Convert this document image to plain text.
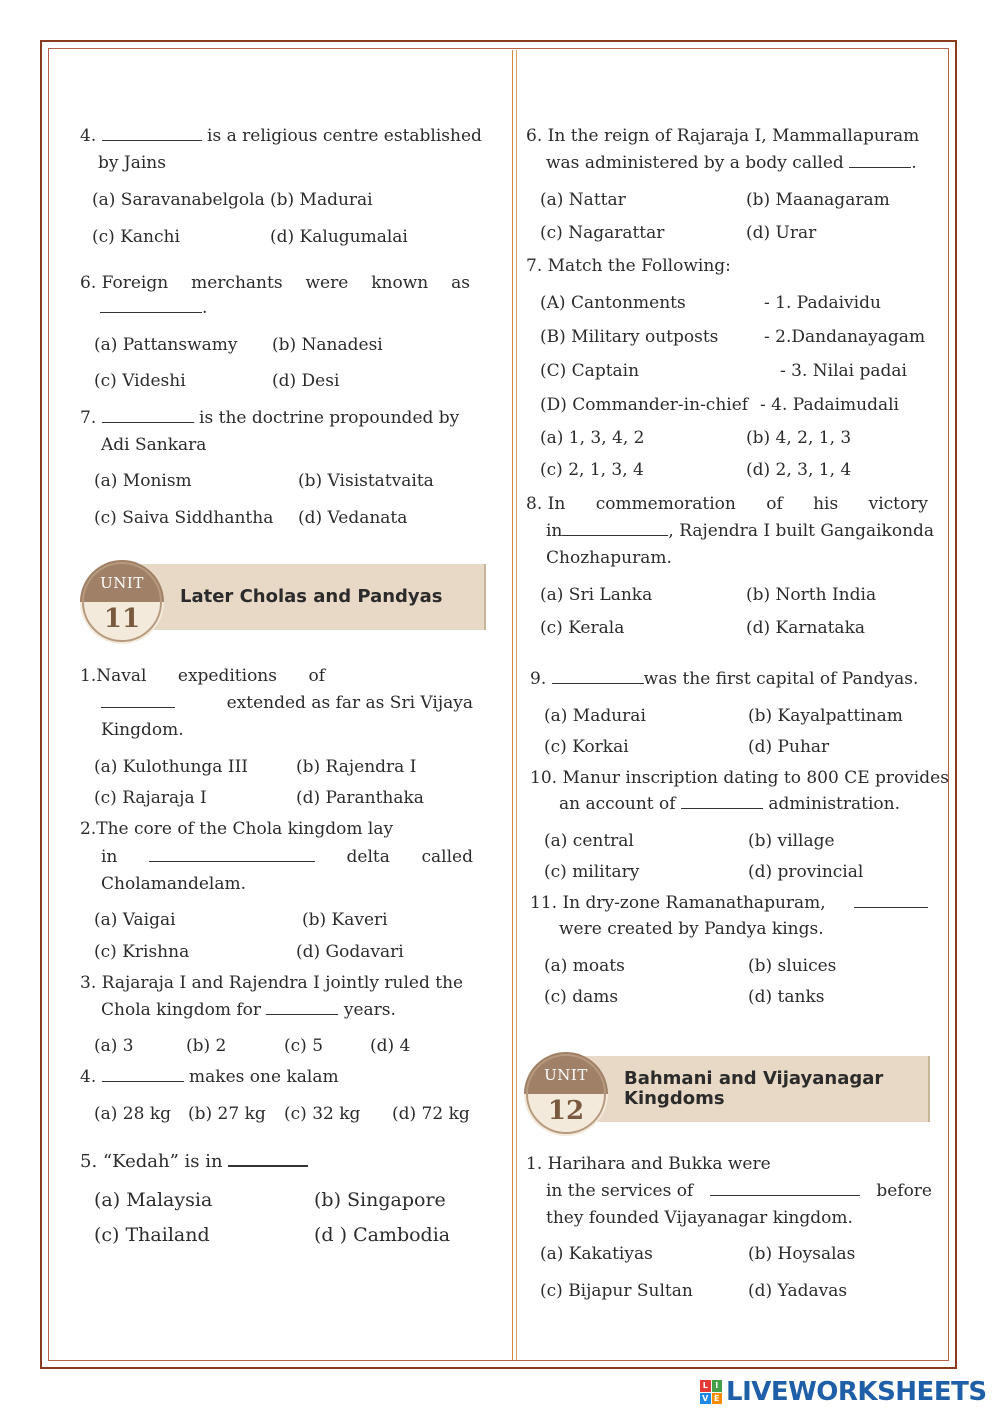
4.	is a religious centre established
by Jains
(a) Saravanabelgola (b) Madurai
(c) Kanchi	(d) Kalugumalai
6. Foreign merchants were known as
.
(a) Pattanswamy (b) Nanadesi
(c) Videshi	(d) Desi
7.	is the doctrine propounded by
Adi Sankara
(a) Monism	(b) Visistatvaita
(c) Saiva Siddhantha (d) Vedanata
UNIT
11
Later Cholas and Pandyas ⋮
1.Naval expeditions of
extended as far as Sri Vijaya
Kingdom.
(a) Kulothunga III	(b) Rajendra I
(c) Rajaraja I	(d) Paranthaka
2. The core of the Chola kingdom lay
in	delta called
Cholamandelam.
(a) Vaigai	(b) Kaveri
(c) Krishna	(d) Godavari
3. Rajaraja I and Rajendra I jointly ruled the
Chola kingdom for	years.
(a) 3	(b) 2	(c) 5	(d) 4
4.	makes one kalam
(a) 28 kg (b) 27 kg (c) 32 kg (d) 72 kg
5. “Kedah” is in
(a) Malaysia	(b) Singapore
(c) Thailand	(d ) Cambodia
6. In the reign of Rajaraja I, Mammallapuram
was administered by a body called	.
(a) Nattar	(b) Maanagaram
(c) Nagarattar	(d) Urar
7. Match the Following:
(A) Cantonments	- 1. Padaividu
(B) Military outposts	- 2.Dandanayagam
(C) Captain	- 3. Nilai padai
(D) Commander-in-chief - 4. Padaimudali
(a) 1, 3, 4, 2	(b) 4, 2, 1, 3
(c) 2, 1, 3, 4	(d) 2, 3, 1, 4
8. In commemoration of his victory
in	, Rajendra I built Gangaikonda
Chozhapuram.
(a) Sri Lanka	(b) North India
(c) Kerala	(d) Karnataka
9.	was the first capital of Pandyas.
(a) Madurai	(b) Kayalpattinam
(c) Korkai	(d) Puhar
10. Manur inscription dating to 800 CE provides
an account of	administration.
(a) central	(b) village
(c) military	(d) provincial
11. In dry-zone Ramanathapuram,
were created by Pandya kings.
(a) moats	(b) sluices
(c) dams	(d) tanks
UNIT
12
Bahmani and Vijayanagar
Kingdoms
⋮
1. Harihara and Bukka were
in the services of	before
they founded Vijayanagar kingdom.
(a) Kakatiyas	(b) Hoysalas
(c) Bijapur Sultan	(d) Yadavas
L I
V E LIVEWORKSHEETS
